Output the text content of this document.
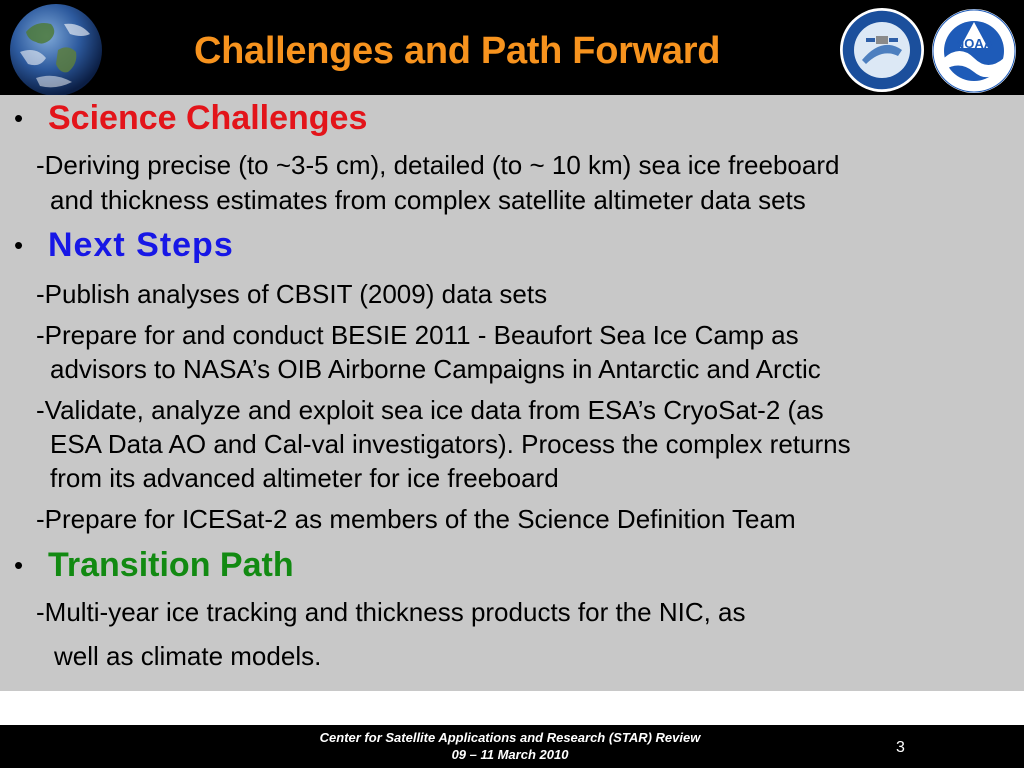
Challenges and Path Forward	NOAA
• Science Challenges
-Deriving precise (to ~3-5 cm), detailed (to ~ 10 km) sea ice freeboard
and thickness estimates from complex satellite altimeter data sets
• Next Steps
-Publish analyses of CBSIT (2009) data sets
-Prepare for and conduct BESIE 2011 - Beaufort Sea Ice Camp as
advisors to NASA’s OIB Airborne Campaigns in Antarctic and Arctic
-Validate, analyze and exploit sea ice data from ESA’s CryoSat-2 (as
ESA Data AO and Cal-val investigators). Process the complex returns
from its advanced altimeter for ice freeboard
-Prepare for ICESat-2 as members of the Science Definition Team
• Transition Path
-Multi-year ice tracking and thickness products for the NIC, as
well as climate models.
Center for Satellite Applications and Research (STAR) Review
09 – 11 March 2010	3
